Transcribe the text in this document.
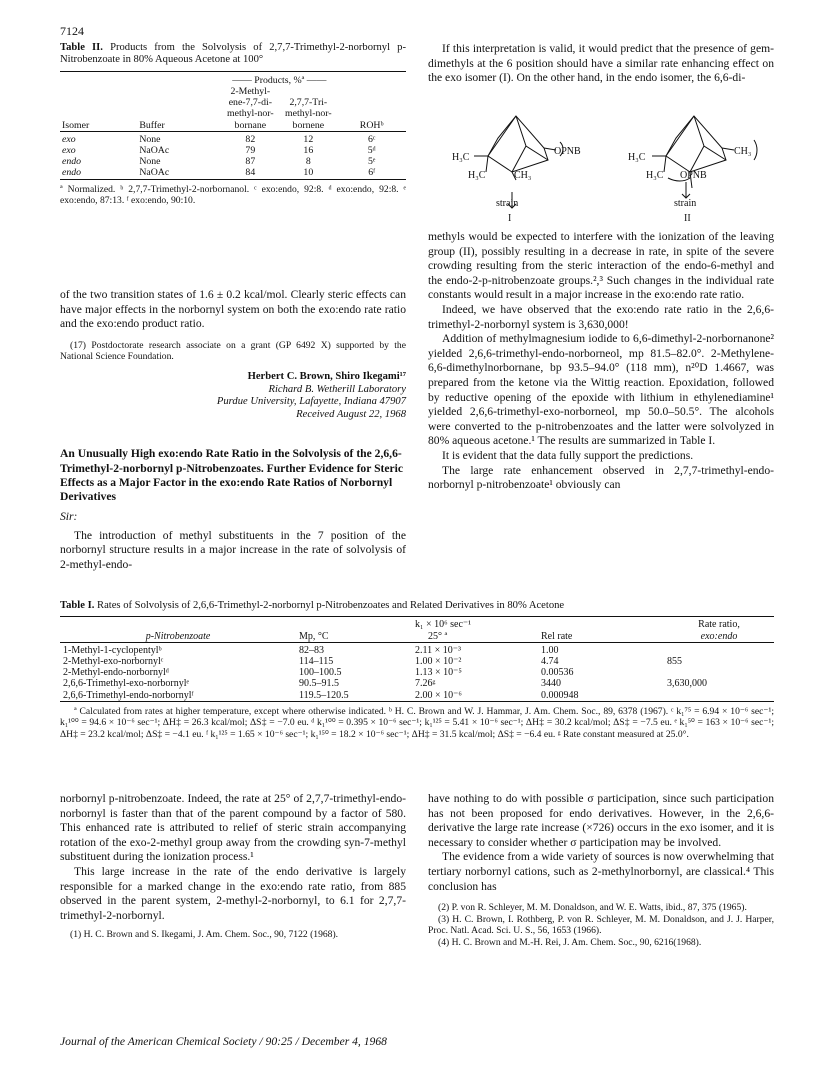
7124
Table II. Products from the Solvolysis of 2,7,7-Trimethyl-2-norbornyl p-Nitrobenzoate in 80% Aqueous Acetone at 100°
		—— Products, %ª ——		
Isomer	Buffer	2-Methyl-ene-7,7-di-methyl-nor-bornane	2,7,7-Tri-methyl-nor-bornene	ROHᵇ
exo	None	82	12	6ᶜ
exo	NaOAc	79	16	5ᵈ
endo	None	87	8	5ᵉ
endo	NaOAc	84	10	6ᶠ
ª Normalized. ᵇ 2,7,7-Trimethyl-2-norbornanol. ᶜ exo:endo, 92:8. ᵈ exo:endo, 92:8. ᵉ exo:endo, 87:13. ᶠ exo:endo, 90:10.

of the two transition states of 1.6 ± 0.2 kcal/mol. Clearly steric effects can have major effects in the norbornyl system on both the exo:endo rate ratio and the exo:endo product ratio.

(17) Postdoctorate research associate on a grant (GP 6492 X) supported by the National Science Foundation.

Herbert C. Brown, Shiro Ikegami¹⁷
Richard B. Wetherill Laboratory
Purdue University, Lafayette, Indiana 47907
Received August 22, 1968
An Unusually High exo:endo Rate Ratio in the Solvolysis of the 2,6,6-Trimethyl-2-norbornyl p-Nitrobenzoates. Further Evidence for Steric Effects as a Major Factor in the exo:endo Rate Ratios of Norbornyl Derivatives

Sir:

The introduction of methyl substituents in the 7 position of the norbornyl structure results in a major increase in the rate of solvolysis of 2-methyl-endo-

If this interpretation is valid, it would predict that the presence of gem-dimethyls at the 6 position should have a similar rate enhancing effect on the exo isomer (I). On the other hand, in the endo isomer, the 6,6-di-

H₃C
OPNB
H₃C	CH₃
strain
I
H₃C
CH₃
H₃C OPNB
strain
II

methyls would be expected to interfere with the ionization of the leaving group (II), possibly resulting in a decrease in rate, in spite of the severe crowding resulting from the steric interaction of the endo-6-methyl and the endo-2-p-nitrobenzoate groups.²,³ Such changes in the individual rate constants would result in a major increase in the exo:endo rate ratio.

Indeed, we have observed that the exo:endo rate ratio in the 2,6,6-trimethyl-2-norbornyl system is 3,630,000!

Addition of methylmagnesium iodide to 6,6-dimethyl-2-norbornanone² yielded 2,6,6-trimethyl-endo-norborneol, mp 81.5–82.0°. 2-Methylene-6,6-dimethylnorbornane, bp 93.5–94.0° (118 mm), n²⁰D 1.4667, was prepared from the ketone via the Wittig reaction. Epoxidation, followed by reductive opening of the epoxide with lithium in ethylenediamine¹ yielded 2,6,6-trimethyl-exo-norborneol, mp 50.0–50.5°. The alcohols were converted to the p-nitrobenzoates and the latter were solvolyzed in 80% aqueous acetone.¹ The results are summarized in Table I.

It is evident that the data fully support the predictions.

The large rate enhancement observed in 2,7,7-trimethyl-endo-norbornyl p-nitrobenzoate¹ obviously can

Table I. Rates of Solvolysis of 2,6,6-Trimethyl-2-norbornyl p-Nitrobenzoates and Related Derivatives in 80% Acetone
		k₁ × 10⁶ sec⁻¹		Rate ratio,
p-Nitrobenzoate	Mp, °C	25° ª	Rel rate	exo:endo
1-Methyl-1-cyclopentylᵇ	82–83	2.11 × 10⁻³	1.00	
2-Methyl-exo-norbornylᶜ	114–115	1.00 × 10⁻²	4.74	855
2-Methyl-endo-norbornylᵈ	100–100.5	1.13 × 10⁻⁵	0.00536	
2,6,6-Trimethyl-exo-norbornylᵉ	90.5–91.5	7.26ᵍ	3440	3,630,000
2,6,6-Trimethyl-endo-norbornylᶠ	119.5–120.5	2.00 × 10⁻⁶	0.000948	
ª Calculated from rates at higher temperature, except where otherwise indicated. ᵇ H. C. Brown and W. J. Hammar, J. Am. Chem. Soc., 89, 6378 (1967). ᶜ k₁⁷⁵ = 6.94 × 10⁻⁶ sec⁻¹; k₁¹⁰⁰ = 94.6 × 10⁻⁶ sec⁻¹; ΔH‡ = 26.3 kcal/mol; ΔS‡ = −7.0 eu. ᵈ k₁¹⁰⁰ = 0.395 × 10⁻⁶ sec⁻¹; k₁¹²⁵ = 5.41 × 10⁻⁶ sec⁻¹; ΔH‡ = 30.2 kcal/mol; ΔS‡ = −7.5 eu. ᵉ k₁⁵⁰ = 163 × 10⁻⁶ sec⁻¹; ΔH‡ = 23.2 kcal/mol; ΔS‡ = −4.1 eu. ᶠ k₁¹²⁵ = 1.65 × 10⁻⁶ sec⁻¹; k₁¹⁵⁰ = 18.2 × 10⁻⁶ sec⁻¹; ΔH‡ = 31.5 kcal/mol; ΔS‡ = −6.4 eu. ᵍ Rate constant measured at 25.0°.

norbornyl p-nitrobenzoate. Indeed, the rate at 25° of 2,7,7-trimethyl-endo-norbornyl is faster than that of the parent compound by a factor of 580. This enhanced rate is attributed to relief of steric strain accompanying rotation of the exo-2-methyl group away from the crowding syn-7-methyl substituent during the ionization process.¹

This large increase in the rate of the endo derivative is largely responsible for a marked change in the exo:endo rate ratio, from 885 observed in the parent system, 2-methyl-2-norbornyl, to 6.1 for 2,7,7-trimethyl-2-norbornyl.

(1) H. C. Brown and S. Ikegami, J. Am. Chem. Soc., 90, 7122 (1968).

have nothing to do with possible σ participation, since such participation has not been proposed for endo derivatives. However, in the 2,6,6- derivative the large rate increase (×726) occurs in the exo isomer, and it is necessary to consider whether σ participation may be involved.

The evidence from a wide variety of sources is now overwhelming that tertiary norbornyl cations, such as 2-methylnorbornyl, are classical.⁴ This conclusion has

(2) P. von R. Schleyer, M. M. Donaldson, and W. E. Watts, ibid., 87, 375 (1965).

(3) H. C. Brown, I. Rothberg, P. von R. Schleyer, M. M. Donaldson, and J. J. Harper, Proc. Natl. Acad. Sci. U. S., 56, 1653 (1966).

(4) H. C. Brown and M.-H. Rei, J. Am. Chem. Soc., 90, 6216(1968).

Journal of the American Chemical Society / 90:25 / December 4, 1968
